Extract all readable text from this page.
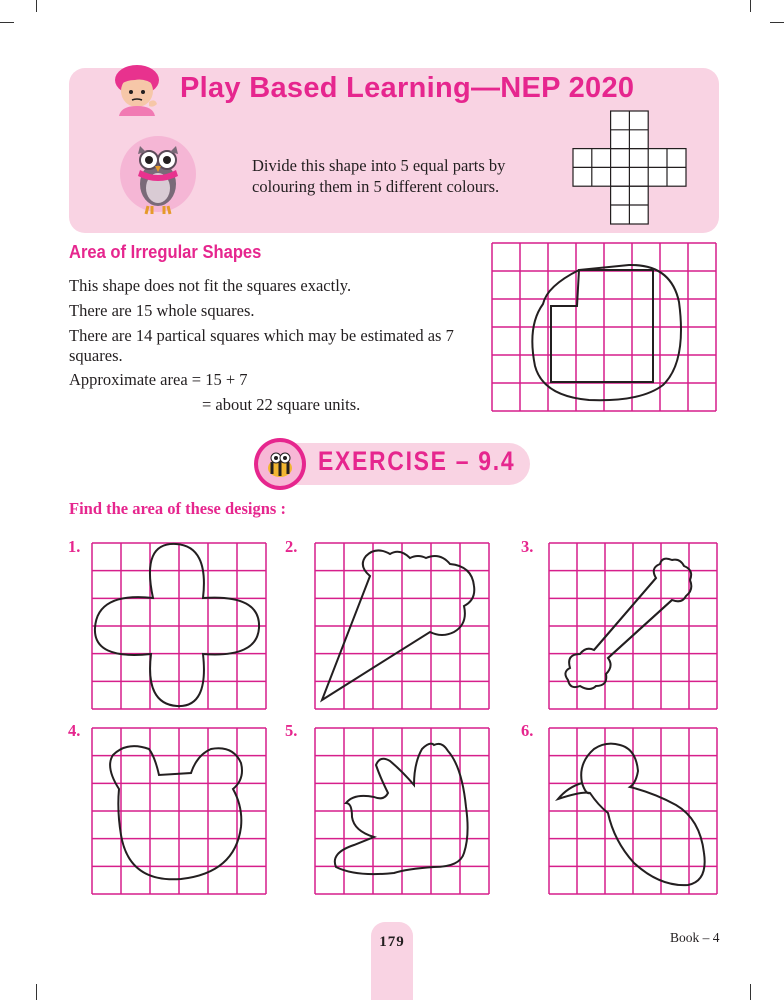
Play Based Learning—NEP 2020
Divide this shape into 5 equal parts by colouring them in 5 different colours.
Area of Irregular Shapes
This shape does not fit the squares exactly.
There are 15 whole squares.
There are 14 partical squares which may be estimated as 7 squares.
Approximate area = 15 + 7
= about 22 square units.
EXERCISE – 9.4
Find the area of these designs :
1.	2.	3.
4.	5.	6.
179	Book – 4
